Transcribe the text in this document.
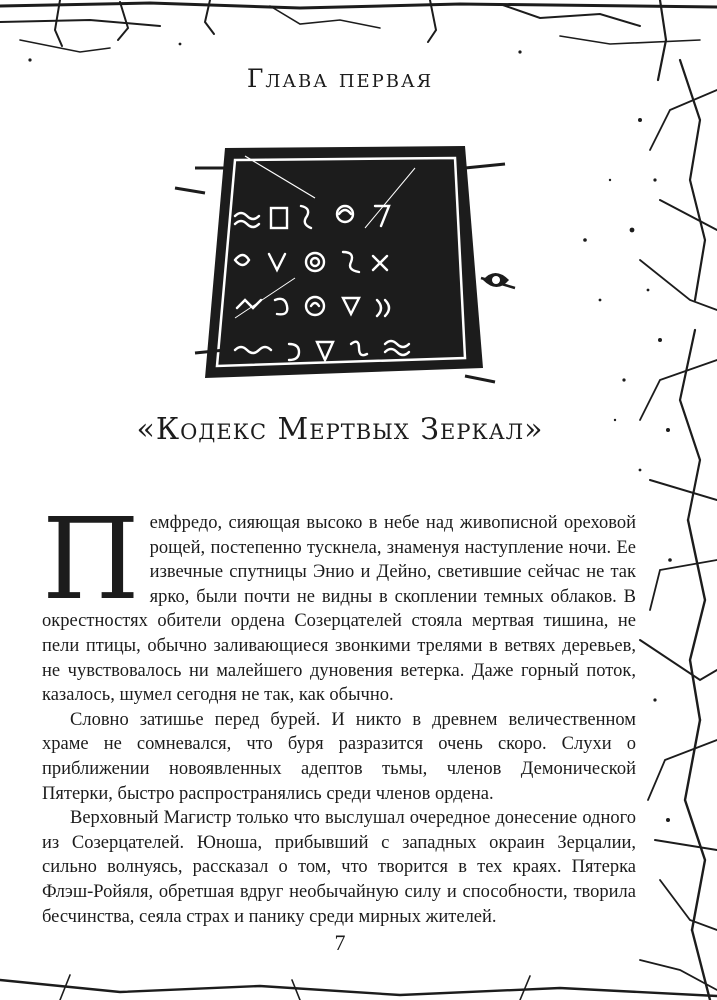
Глава первая
«Кодекс Мертвых Зеркал»

П емфредо, сияющая высоко в небе над живописной ореховой рощей, постепенно тускнела, знаменуя наступление ночи. Ее извечные спутницы Энио и Дейно, светившие сейчас не так ярко, были почти не видны в скоплении темных облаков. В окрестностях обители ордена Созерцателей стояла мертвая тишина, не пели птицы, обычно заливающиеся звонкими трелями в ветвях деревьев, не чувствовалось ни малейшего дуновения ветерка. Даже горный поток, казалось, шумел сегодня не так, как обычно.

Словно затишье перед бурей. И никто в древнем величественном храме не сомневался, что буря разразится очень скоро. Слухи о приближении новоявленных адептов тьмы, членов Демонической Пятерки, быстро распространялись среди членов ордена.

Верховный Магистр только что выслушал очередное донесение одного из Созерцателей. Юноша, прибывший с западных окраин Зерцалии, сильно волнуясь, рассказал о том, что творится в тех краях. Пятерка Флэш-Ройяля, обретшая вдруг необычайную силу и способности, творила бесчинства, сеяла страх и панику среди мирных жителей.

7
